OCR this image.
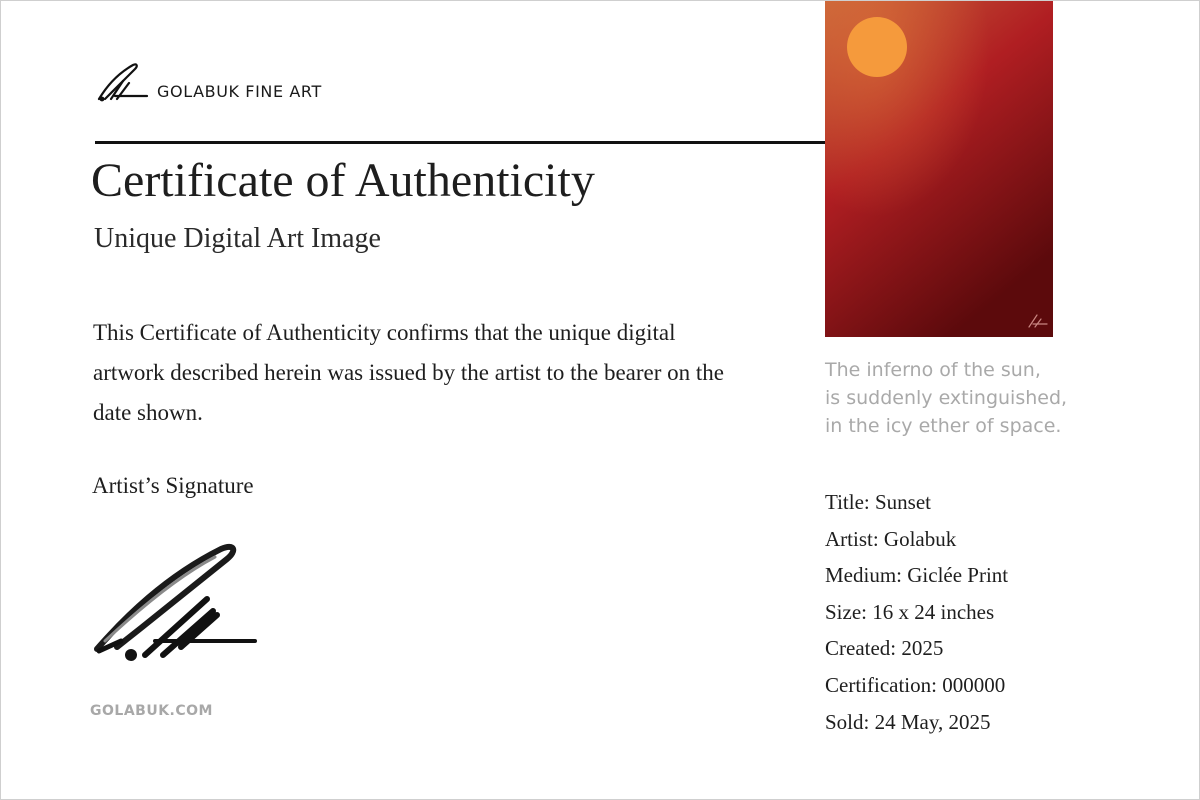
GOLABUK FINE ART
Certificate of Authenticity
Unique Digital Art Image

This Certificate of Authenticity confirms that the unique digital artwork described herein was issued by the artist to the bearer on the date shown.

Artist’s Signature
GOLABUK.COM
The inferno of the sun,
is suddenly extinguished,
in the icy ether of space.
Title: Sunset
Artist: Golabuk
Medium: Giclée Print
Size: 16 x 24 inches
Created: 2025
Certification: 000000
Sold: 24 May, 2025
